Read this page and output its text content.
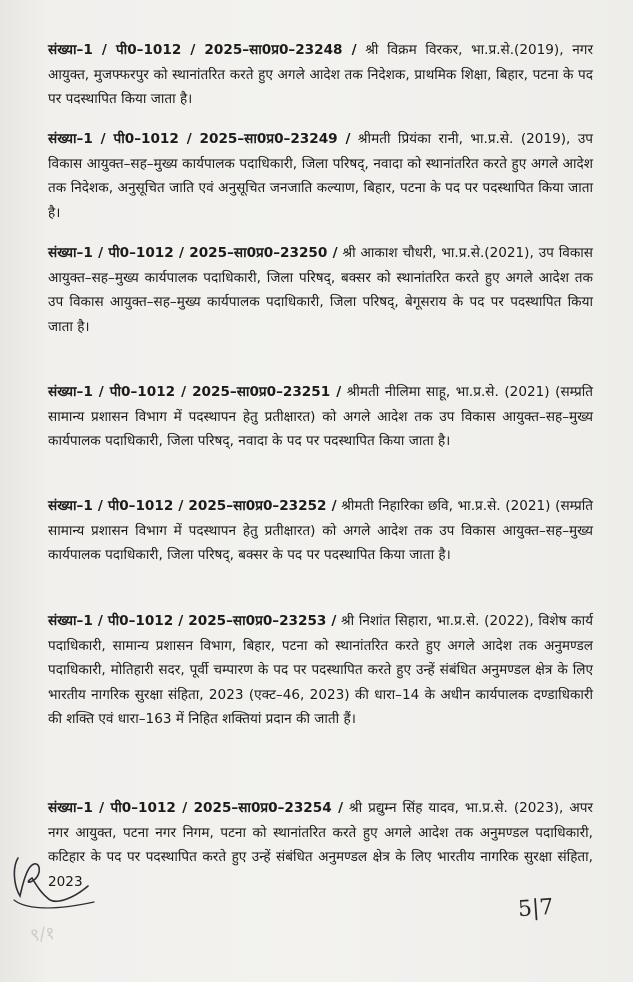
संख्या–1 / पी0–1012 / 2025–सा0प्र0–23248 / श्री विक्रम विरकर, भा.प्र.से.(2019), नगर आयुक्त, मुजफ्फरपुर को स्थानांतरित करते हुए अगले आदेश तक निदेशक, प्राथमिक शिक्षा, बिहार, पटना के पद पर पदस्थापित किया जाता है।

संख्या–1 / पी0–1012 / 2025–सा0प्र0–23249 / श्रीमती प्रियंका रानी, भा.प्र.से. (2019), उप विकास आयुक्त–सह–मुख्य कार्यपालक पदाधिकारी, जिला परिषद्, नवादा को स्थानांतरित करते हुए अगले आदेश तक निदेशक, अनुसूचित जाति एवं अनुसूचित जनजाति कल्याण, बिहार, पटना के पद पर पदस्थापित किया जाता है।

संख्या–1 / पी0–1012 / 2025–सा0प्र0–23250 / श्री आकाश चौधरी, भा.प्र.से.(2021), उप विकास आयुक्त–सह–मुख्य कार्यपालक पदाधिकारी, जिला परिषद्, बक्सर को स्थानांतरित करते हुए अगले आदेश तक उप विकास आयुक्त–सह–मुख्य कार्यपालक पदाधिकारी, जिला परिषद्, बेगूसराय के पद पर पदस्थापित किया जाता है।

संख्या–1 / पी0–1012 / 2025–सा0प्र0–23251 / श्रीमती नीलिमा साहू, भा.प्र.से. (2021) (सम्प्रति सामान्य प्रशासन विभाग में पदस्थापन हेतु प्रतीक्षारत) को अगले आदेश तक उप विकास आयुक्त–सह–मुख्य कार्यपालक पदाधिकारी, जिला परिषद्, नवादा के पद पर पदस्थापित किया जाता है।

संख्या–1 / पी0–1012 / 2025–सा0प्र0–23252 / श्रीमती निहारिका छवि, भा.प्र.से. (2021) (सम्प्रति सामान्य प्रशासन विभाग में पदस्थापन हेतु प्रतीक्षारत) को अगले आदेश तक उप विकास आयुक्त–सह–मुख्य कार्यपालक पदाधिकारी, जिला परिषद्, बक्सर के पद पर पदस्थापित किया जाता है।

संख्या–1 / पी0–1012 / 2025–सा0प्र0–23253 / श्री निशांत सिहारा, भा.प्र.से. (2022), विशेष कार्य पदाधिकारी, सामान्य प्रशासन विभाग, बिहार, पटना को स्थानांतरित करते हुए अगले आदेश तक अनुमण्डल पदाधिकारी, मोतिहारी सदर, पूर्वी चम्पारण के पद पर पदस्थापित करते हुए उन्हें संबंधित अनुमण्डल क्षेत्र के लिए भारतीय नागरिक सुरक्षा संहिता, 2023 (एक्ट–46, 2023) की धारा–14 के अधीन कार्यपालक दण्डाधिकारी की शक्ति एवं धारा–163 में निहित शक्तियां प्रदान की जाती हैं।

संख्या–1 / पी0–1012 / 2025–सा0प्र0–23254 / श्री प्रद्युम्न सिंह यादव, भा.प्र.से. (2023), अपर नगर आयुक्त, पटना नगर निगम, पटना को स्थानांतरित करते हुए अगले आदेश तक अनुमण्डल पदाधिकारी, कटिहार के पद पर पदस्थापित करते हुए उन्हें संबंधित अनुमण्डल क्षेत्र के लिए भारतीय नागरिक सुरक्षा संहिता, 2023

5|7
९/१
